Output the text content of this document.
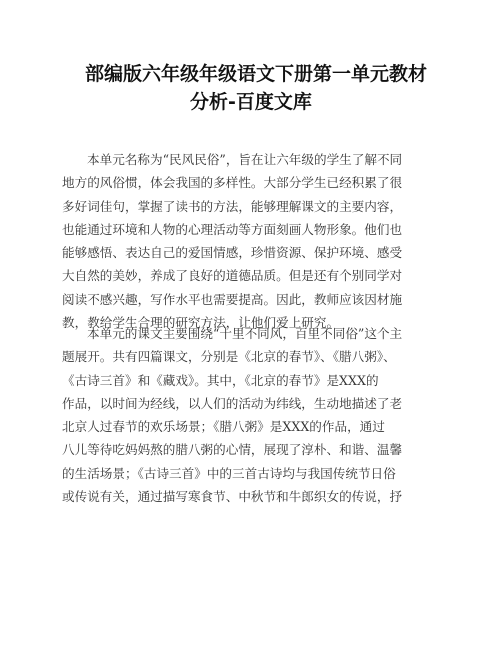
部编版六年级年级语文下册第一单元教材
分析-百度文库
本单元名称为“民风民俗”，旨在让六年级的学生了解不同
地方的风俗惯，体会我国的多样性。大部分学生已经积累了很
多好词佳句，掌握了读书的方法，能够理解课文的主要内容，
也能通过环境和人物的心理活动等方面刻画人物形象。他们也
能够感悟、表达自己的爱国情感，珍惜资源、保护环境、感受
大自然的美妙，养成了良好的道德品质。但是还有个别同学对
阅读不感兴趣，写作水平也需要提高。因此，教师应该因材施
教，教给学生合理的研究方法，让他们爱上研究。
本单元的课文主要围绕“十里不同风，百里不同俗”这个主
题展开。共有四篇课文，分别是《北京的春节》、《腊八粥》、
《古诗三首》和《藏戏》。其中，《北京的春节》是XXX的
作品，以时间为经线，以人们的活动为纬线，生动地描述了老
北京人过春节的欢乐场景；《腊八粥》是XXX的作品，通过
八儿等待吃妈妈熬的腊八粥的心情，展现了淳朴、和谐、温馨
的生活场景；《古诗三首》中的三首古诗均与我国传统节日俗
或传说有关，通过描写寒食节、中秋节和牛郎织女的传说，抒
